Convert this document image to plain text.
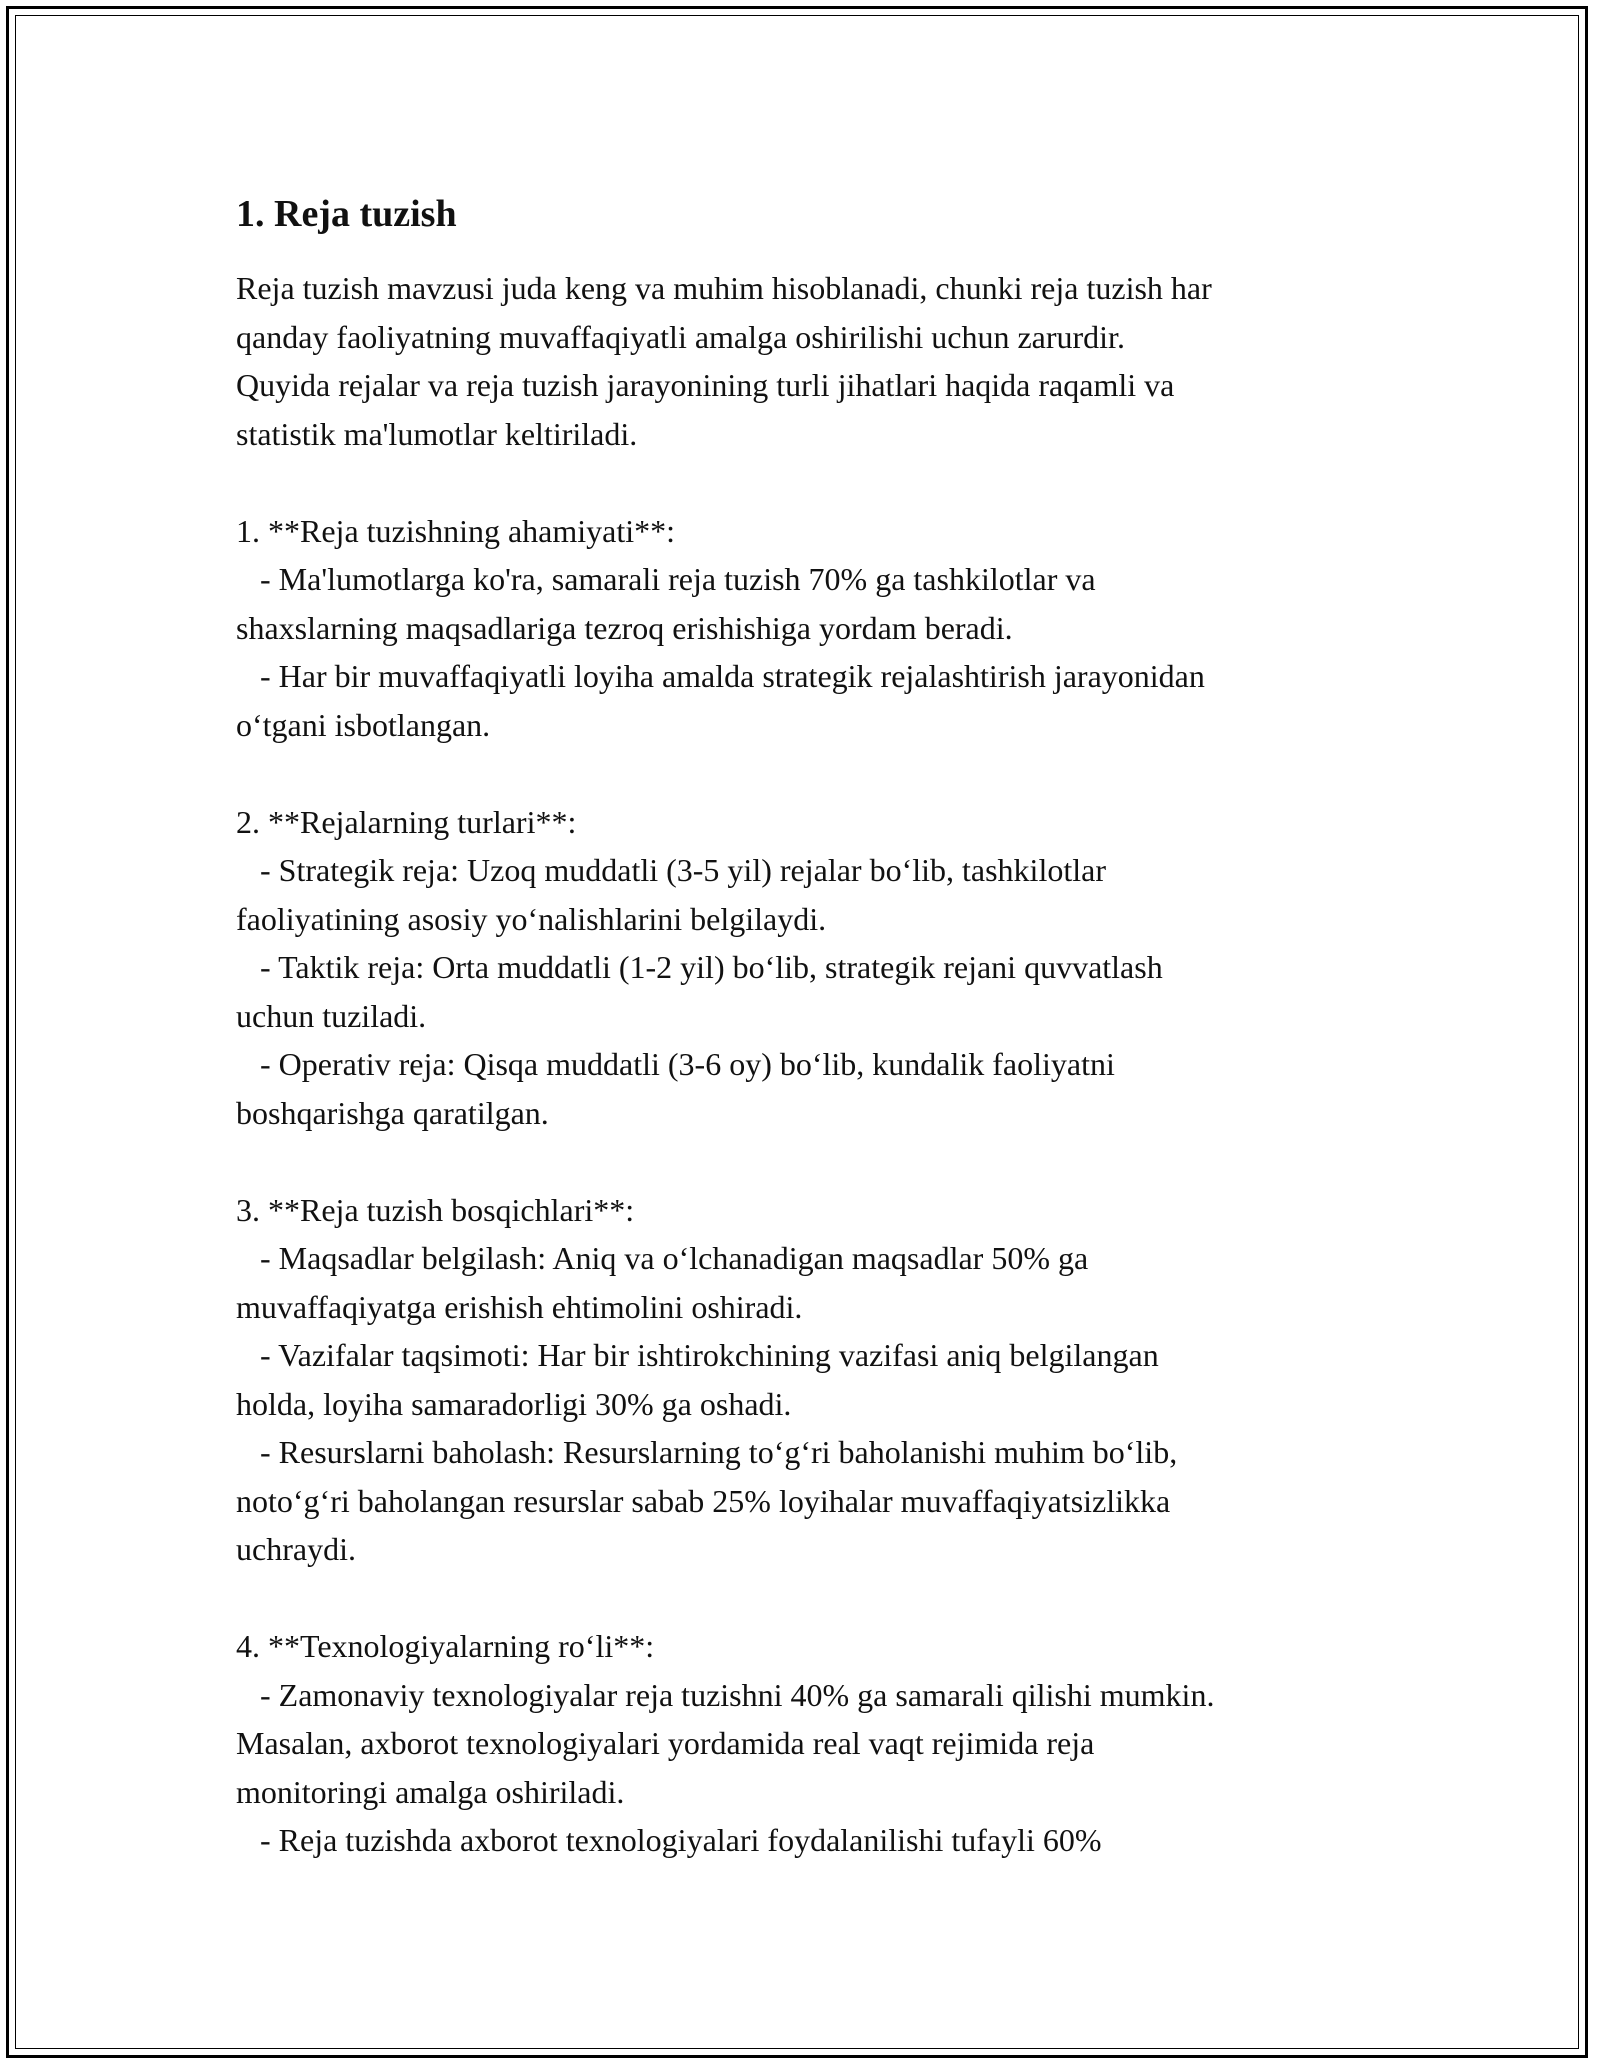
1. Reja tuzish
Reja tuzish mavzusi juda keng va muhim hisoblanadi, chunki reja tuzish har
qanday faoliyatning muvaffaqiyatli amalga oshirilishi uchun zarurdir.
Quyida rejalar va reja tuzish jarayonining turli jihatlari haqida raqamli va
statistik ma'lumotlar keltiriladi.
1. **Reja tuzishning ahamiyati**:
- Ma'lumotlarga ko'ra, samarali reja tuzish 70% ga tashkilotlar va
shaxslarning maqsadlariga tezroq erishishiga yordam beradi.
- Har bir muvaffaqiyatli loyiha amalda strategik rejalashtirish jarayonidan
o‘tgani isbotlangan.
2. **Rejalarning turlari**:
- Strategik reja: Uzoq muddatli (3-5 yil) rejalar bo‘lib, tashkilotlar
faoliyatining asosiy yo‘nalishlarini belgilaydi.
- Taktik reja: Orta muddatli (1-2 yil) bo‘lib, strategik rejani quvvatlash
uchun tuziladi.
- Operativ reja: Qisqa muddatli (3-6 oy) bo‘lib, kundalik faoliyatni
boshqarishga qaratilgan.
3. **Reja tuzish bosqichlari**:
- Maqsadlar belgilash: Aniq va o‘lchanadigan maqsadlar 50% ga
muvaffaqiyatga erishish ehtimolini oshiradi.
- Vazifalar taqsimoti: Har bir ishtirokchining vazifasi aniq belgilangan
holda, loyiha samaradorligi 30% ga oshadi.
- Resurslarni baholash: Resurslarning to‘g‘ri baholanishi muhim bo‘lib,
noto‘g‘ri baholangan resurslar sabab 25% loyihalar muvaffaqiyatsizlikka
uchraydi.
4. **Texnologiyalarning ro‘li**:
- Zamonaviy texnologiyalar reja tuzishni 40% ga samarali qilishi mumkin.
Masalan, axborot texnologiyalari yordamida real vaqt rejimida reja
monitoringi amalga oshiriladi.
- Reja tuzishda axborot texnologiyalari foydalanilishi tufayli 60%
